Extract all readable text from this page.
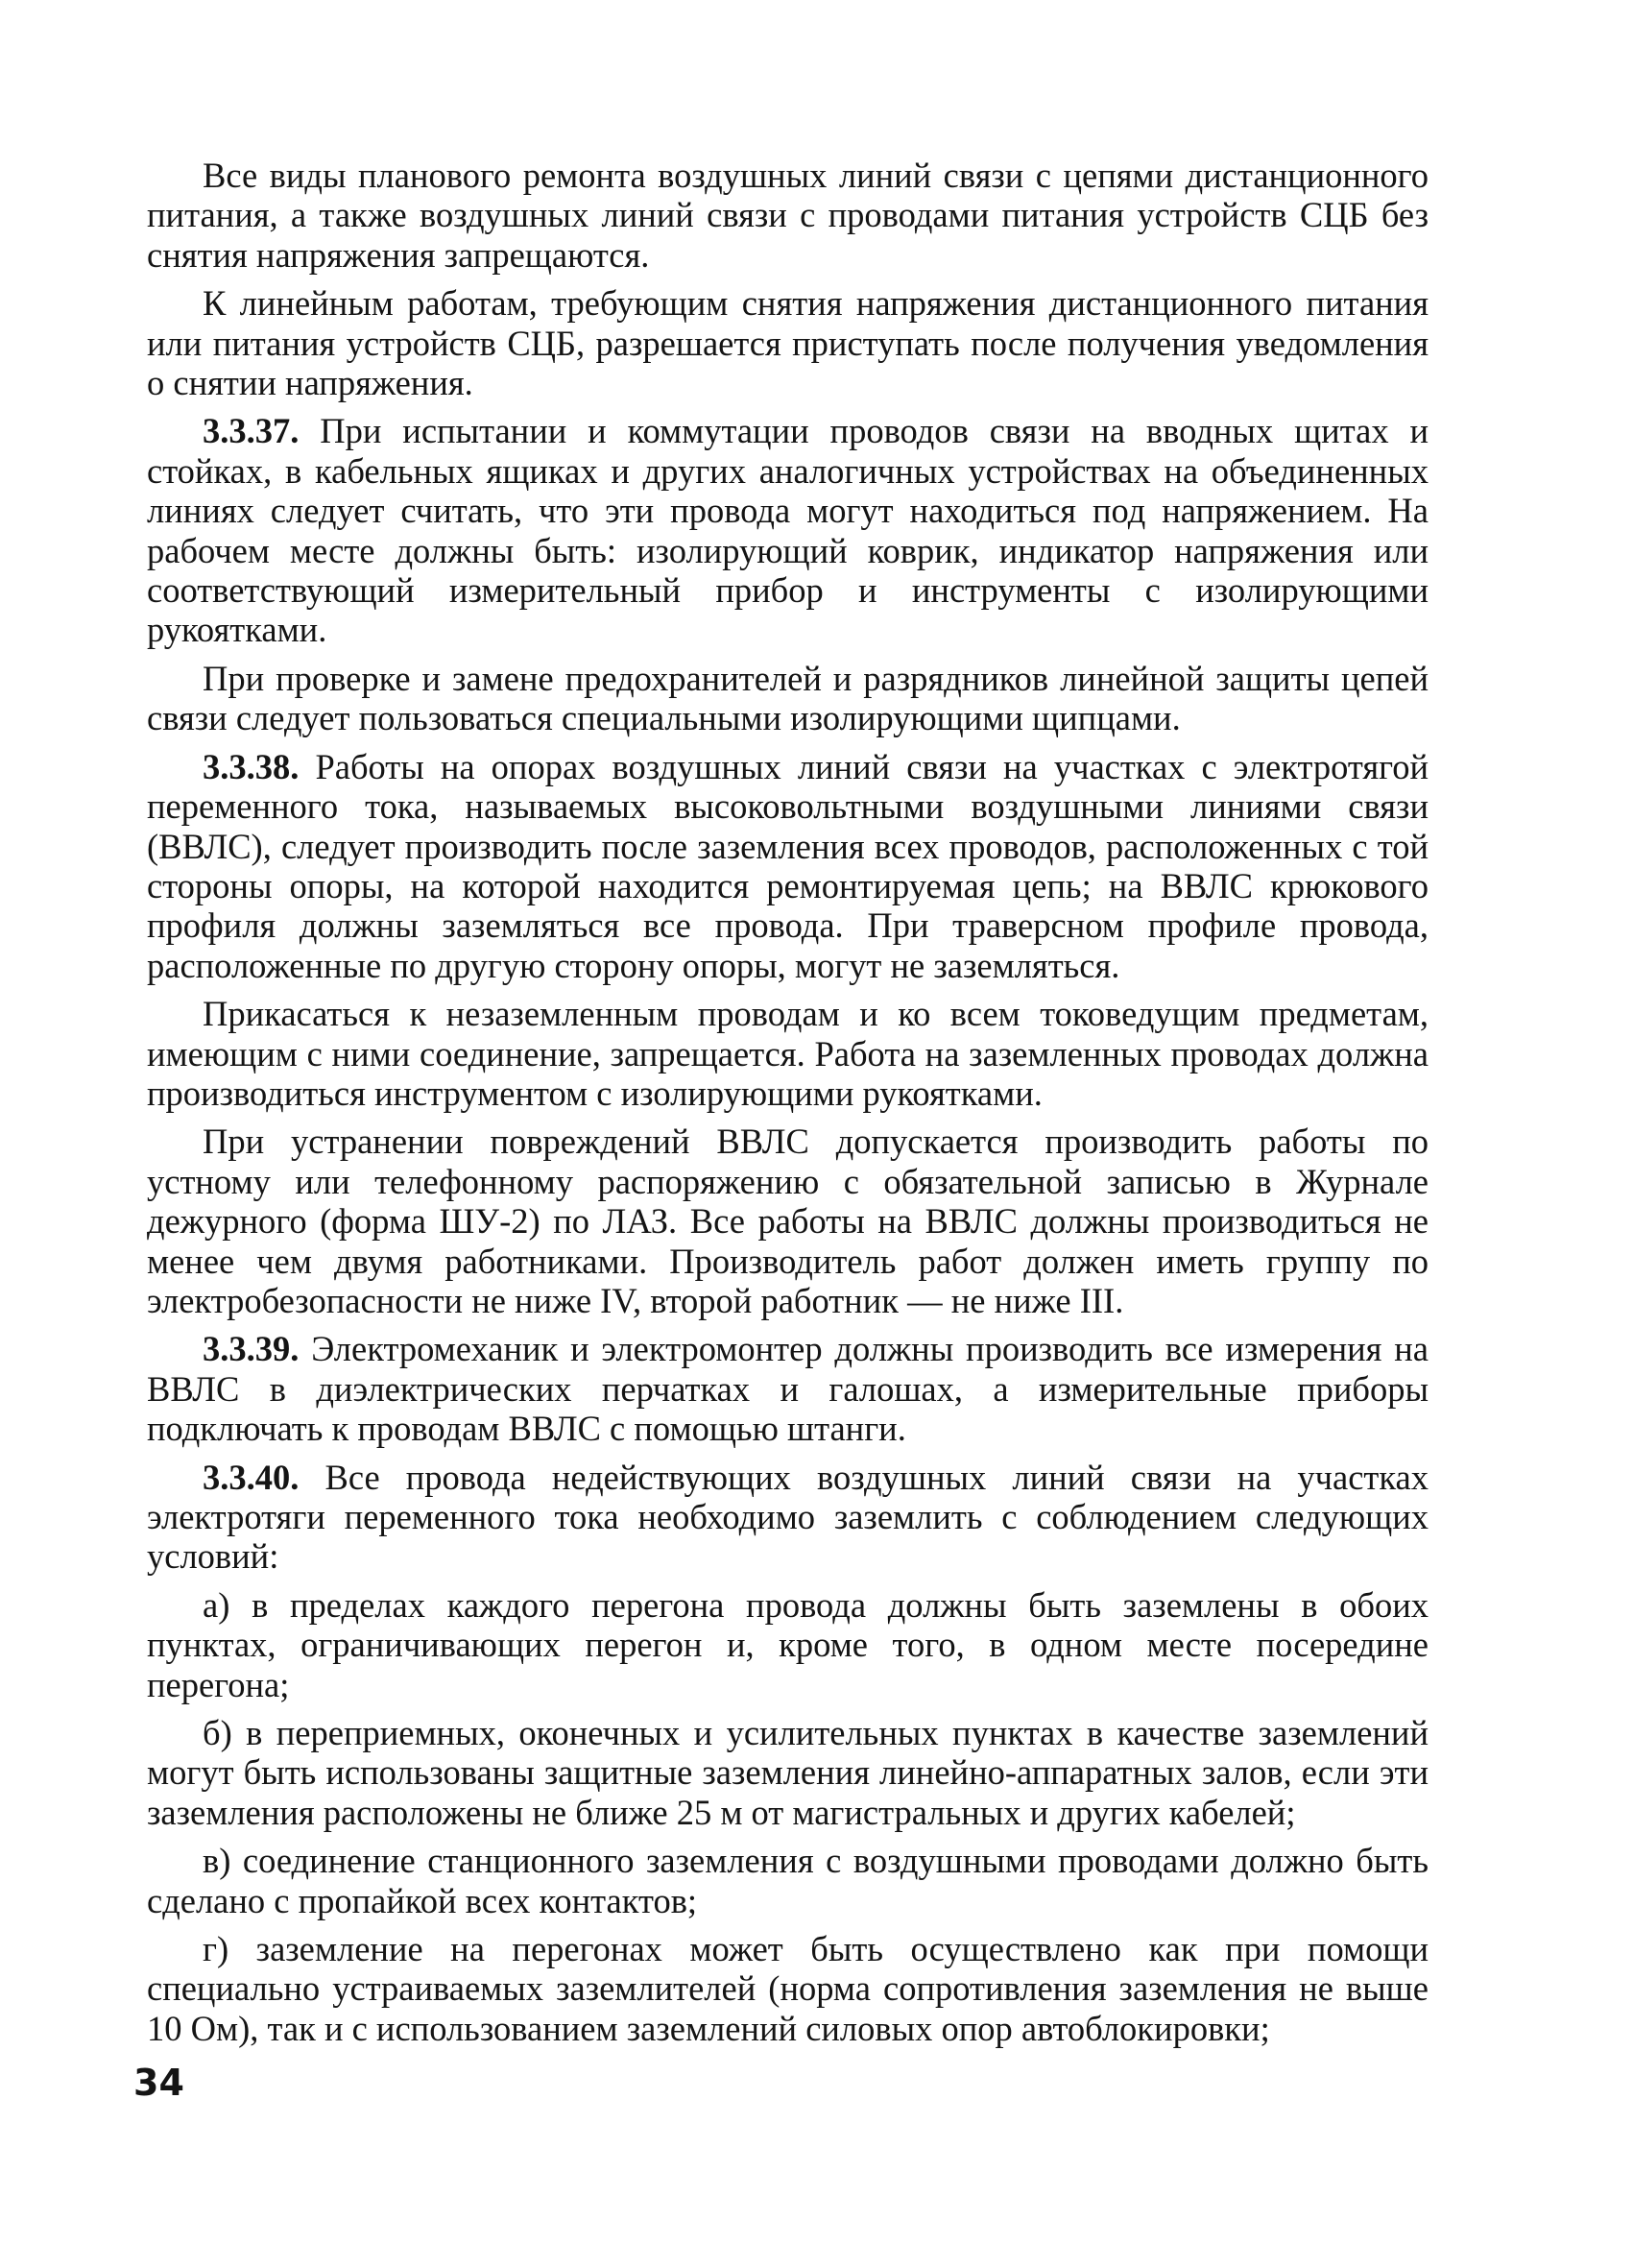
Все виды планового ремонта воздушных линий связи с цепями дистанционного питания, а также воздушных линий связи с проводами питания устройств СЦБ без снятия напряжения запрещаются.

К линейным работам, требующим снятия напряжения дистанционного питания или питания устройств СЦБ, разрешается приступать после получения уведомления о снятии напряжения.

3.3.37. При испытании и коммутации проводов связи на вводных щитах и стойках, в кабельных ящиках и других аналогичных устройствах на объединенных линиях следует считать, что эти провода могут находиться под напряжением. На рабочем месте должны быть: изолирующий коврик, индикатор напряжения или соответствующий измерительный прибор и инструменты с изолирующими рукоятками.

При проверке и замене предохранителей и разрядников линейной защиты цепей связи следует пользоваться специальными изолирующими щипцами.

3.3.38. Работы на опорах воздушных линий связи на участках с электротягой переменного тока, называемых высоковольтными воздушными линиями связи (ВВЛС), следует производить после заземления всех проводов, расположенных с той стороны опоры, на которой находится ремонтируемая цепь; на ВВЛС крюкового профиля должны заземляться все провода. При траверсном профиле провода, расположенные по другую сторону опоры, могут не заземляться.

Прикасаться к незаземленным проводам и ко всем токоведущим предметам, имеющим с ними соединение, запрещается. Работа на заземленных проводах должна производиться инструментом с изолирующими рукоятками.

При устранении повреждений ВВЛС допускается производить работы по устному или телефонному распоряжению с обязательной записью в Журнале дежурного (форма ШУ-2) по ЛАЗ. Все работы на ВВЛС должны производиться не менее чем двумя работниками. Производитель работ должен иметь группу по электробезопасности не ниже IV, второй работник — не ниже III.

3.3.39. Электромеханик и электромонтер должны производить все измерения на ВВЛС в диэлектрических перчатках и галошах, а измерительные приборы подключать к проводам ВВЛС с помощью штанги.

3.3.40. Все провода недействующих воздушных линий связи на участках электротяги переменного тока необходимо заземлить с соблюдением следующих условий:

а) в пределах каждого перегона провода должны быть заземлены в обоих пунктах, ограничивающих перегон и, кроме того, в одном месте посередине перегона;

б) в переприемных, оконечных и усилительных пунктах в качестве заземлений могут быть использованы защитные заземления линейно-аппаратных залов, если эти заземления расположены не ближе 25 м от магистральных и других кабелей;

в) соединение станционного заземления с воздушными проводами должно быть сделано с пропайкой всех контактов;

г) заземление на перегонах может быть осуществлено как при помощи специально устраиваемых заземлителей (норма сопротивления заземления не выше 10 Ом), так и с использованием заземлений силовых опор автоблокировки;

34
